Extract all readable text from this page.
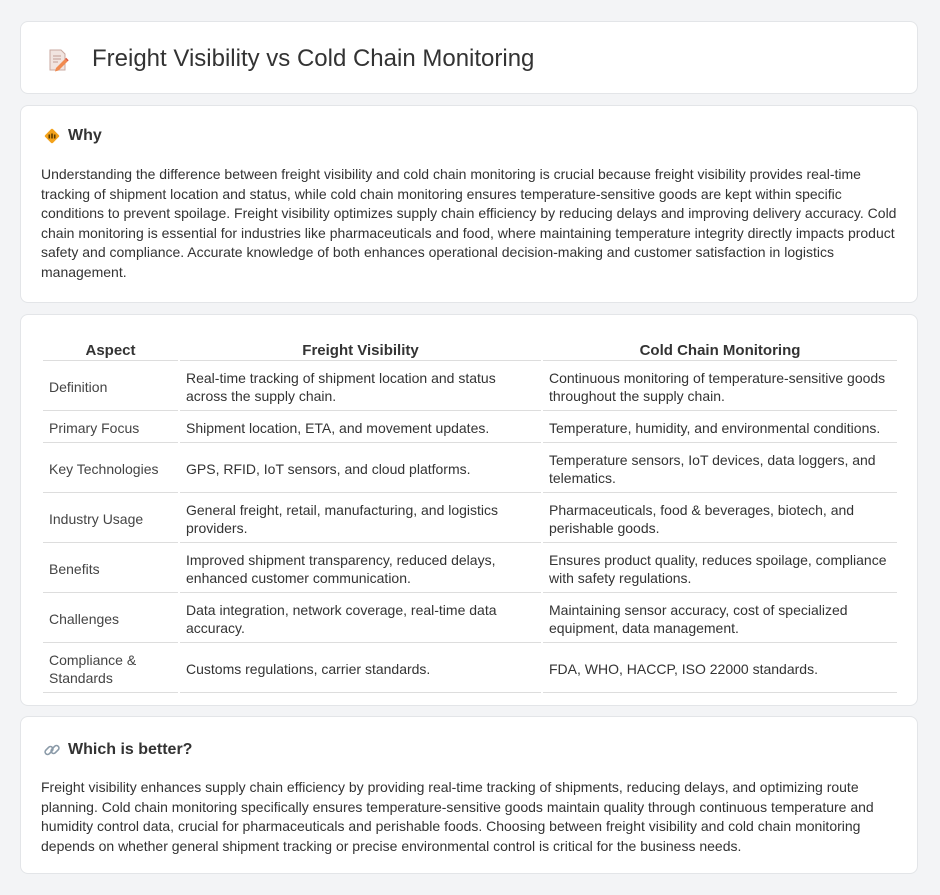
Freight Visibility vs Cold Chain Monitoring
Why

Understanding the difference between freight visibility and cold chain monitoring is crucial because freight visibility provides real-time tracking of shipment location and status, while cold chain monitoring ensures temperature-sensitive goods are kept within specific conditions to prevent spoilage. Freight visibility optimizes supply chain efficiency by reducing delays and improving delivery accuracy. Cold chain monitoring is essential for industries like pharmaceuticals and food, where maintaining temperature integrity directly impacts product safety and compliance. Accurate knowledge of both enhances operational decision-making and customer satisfaction in logistics management.

Aspect	Freight Visibility	Cold Chain Monitoring
Definition	Real-time tracking of shipment location and status across the supply chain.	Continuous monitoring of temperature-sensitive goods throughout the supply chain.
Primary Focus	Shipment location, ETA, and movement updates.	Temperature, humidity, and environmental conditions.
Key Technologies	GPS, RFID, IoT sensors, and cloud platforms.	Temperature sensors, IoT devices, data loggers, and telematics.
Industry Usage	General freight, retail, manufacturing, and logistics providers.	Pharmaceuticals, food & beverages, biotech, and perishable goods.
Benefits	Improved shipment transparency, reduced delays, enhanced customer communication.	Ensures product quality, reduces spoilage, compliance with safety regulations.
Challenges	Data integration, network coverage, real-time data accuracy.	Maintaining sensor accuracy, cost of specialized equipment, data management.
Compliance & Standards	Customs regulations, carrier standards.	FDA, WHO, HACCP, ISO 22000 standards.
Which is better?

Freight visibility enhances supply chain efficiency by providing real-time tracking of shipments, reducing delays, and optimizing route planning. Cold chain monitoring specifically ensures temperature-sensitive goods maintain quality through continuous temperature and humidity control data, crucial for pharmaceuticals and perishable foods. Choosing between freight visibility and cold chain monitoring depends on whether general shipment tracking or precise environmental control is critical for the business needs.
